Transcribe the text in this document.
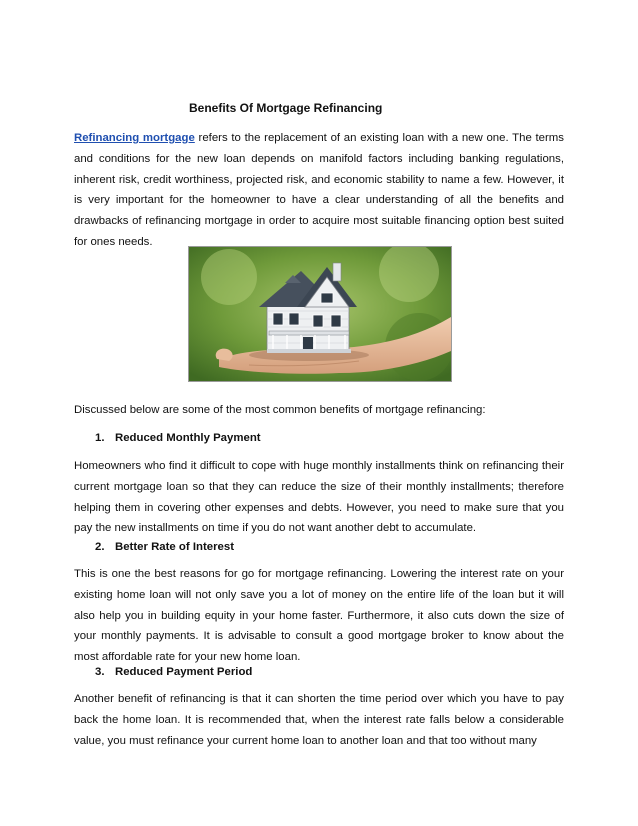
Benefits Of Mortgage Refinancing

Refinancing mortgage refers to the replacement of an existing loan with a new one. The terms and conditions for the new loan depends on manifold factors including banking regulations, inherent risk, credit worthiness, projected risk, and economic stability to name a few. However, it is very important for the homeowner to have a clear understanding of all the benefits and drawbacks of refinancing mortgage in order to acquire most suitable financing option best suited for ones needs.

Discussed below are some of the most common benefits of mortgage refinancing:

1. Reduced Monthly Payment

Homeowners who find it difficult to cope with huge monthly installments think on refinancing their current mortgage loan so that they can reduce the size of their monthly installments; therefore helping them in covering other expenses and debts. However, you need to make sure that you pay the new installments on time if you do not want another debt to accumulate.

2. Better Rate of Interest

This is one the best reasons for go for mortgage refinancing. Lowering the interest rate on your existing home loan will not only save you a lot of money on the entire life of the loan but it will also help you in building equity in your home faster. Furthermore, it also cuts down the size of your monthly payments. It is advisable to consult a good mortgage broker to know about the most affordable rate for your new home loan.

3. Reduced Payment Period

Another benefit of refinancing is that it can shorten the time period over which you have to pay back the home loan. It is recommended that, when the interest rate falls below a considerable value, you must refinance your current home loan to another loan and that too without many
